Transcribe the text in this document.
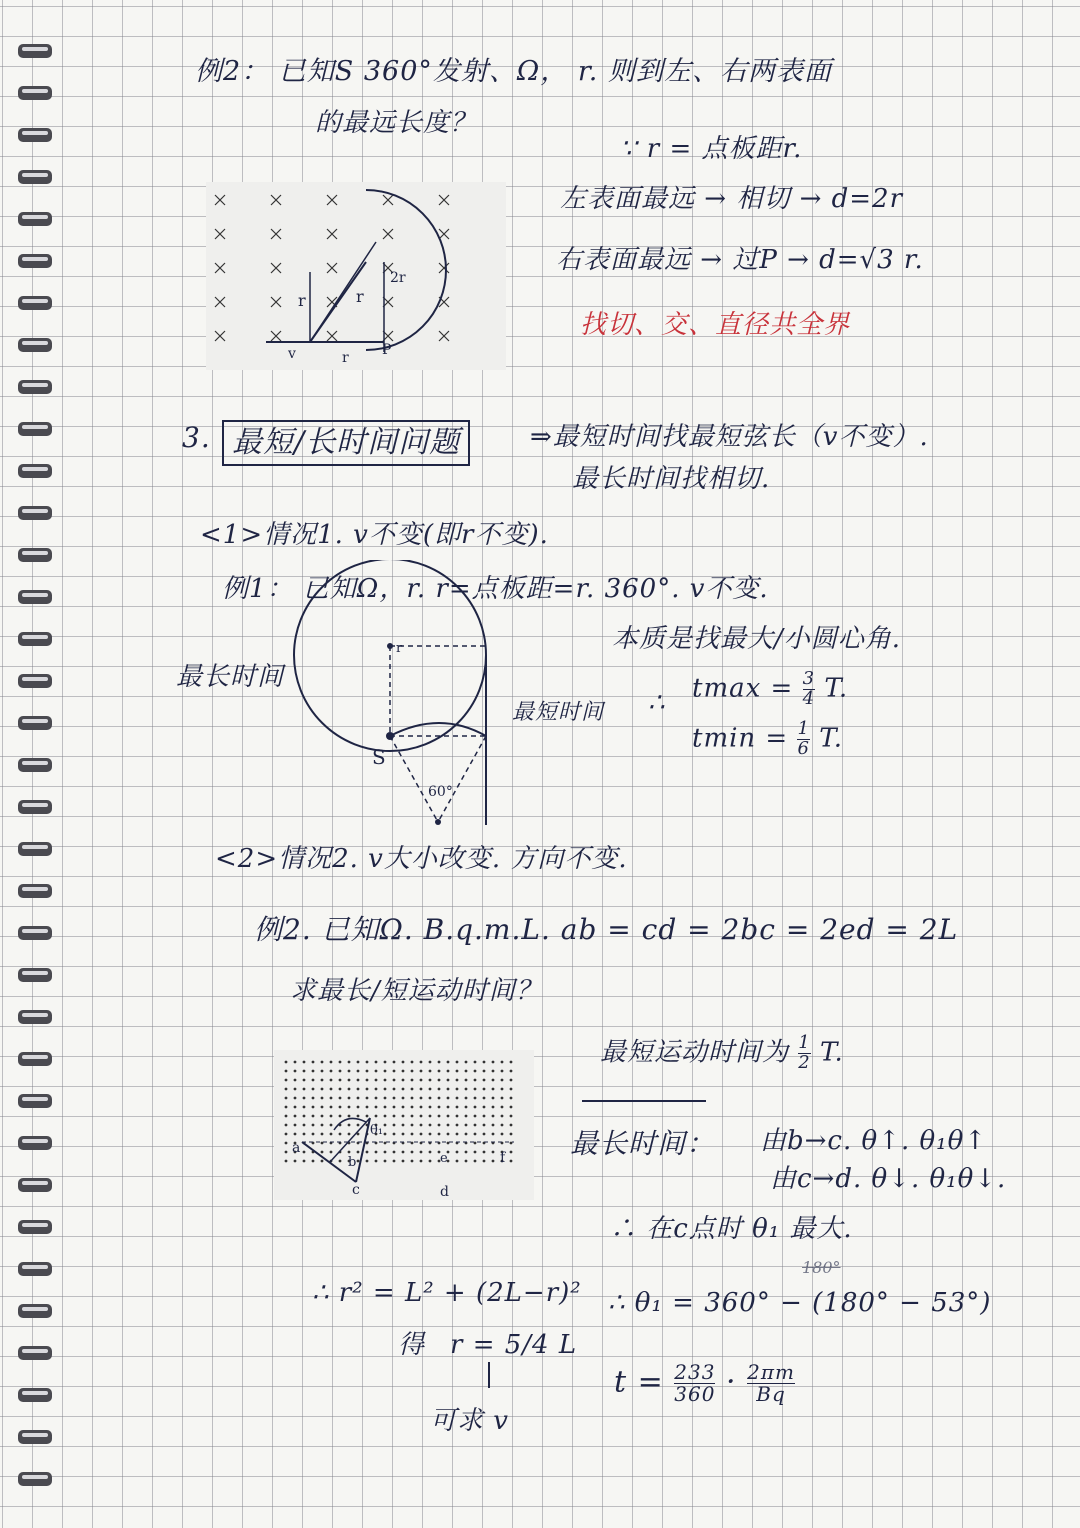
例2： 已知S 360°发射、Ω， r. 则到左、右两表面
的最远长度？
∵ r = 点板距r.
左表面最远 → 相切 → d=2r
右表面最远 → 过P → d=√3 r.
找切、交、直径共全界
r	r
v	P
r
2r
3. 最短/长时间问题	⇒最短时间找最短弦长（v不变）.
最长时间找相切.
<1>情况1. v不变(即r不变).
例1： 已知Ω，r. r=点板距=r. 360°. v不变.
本质是找最大/小圆心角.
最长时间
最短时间 ∴ $tmax = \frac{3}{4} T$.
$tmin = \frac{1}{6} T$.
S
60°
r
<2>情况2. v大小改变. 方向不变.
例2. 已知Ω. B.q.m.L. ab = cd = 2bc = 2ed = 2L
求最长/短运动时间？
最短运动时间为 $\frac{1}{2} T$.
最长时间： 由b→c. θ↑. θ₁θ↑
由c→d. θ↓. θ₁θ↓.
∴ 在c点时 θ₁ 最大.
a
b
c	d
e	f
θ₁
∴ r² = L² + (2L−r)²
得 r = 5/4 L
可求 v
∴ θ₁ = 360° − (180° − 53°)
180°
$t = \frac{233}{360} \cdot \frac{2\pi m}{Bq}$
